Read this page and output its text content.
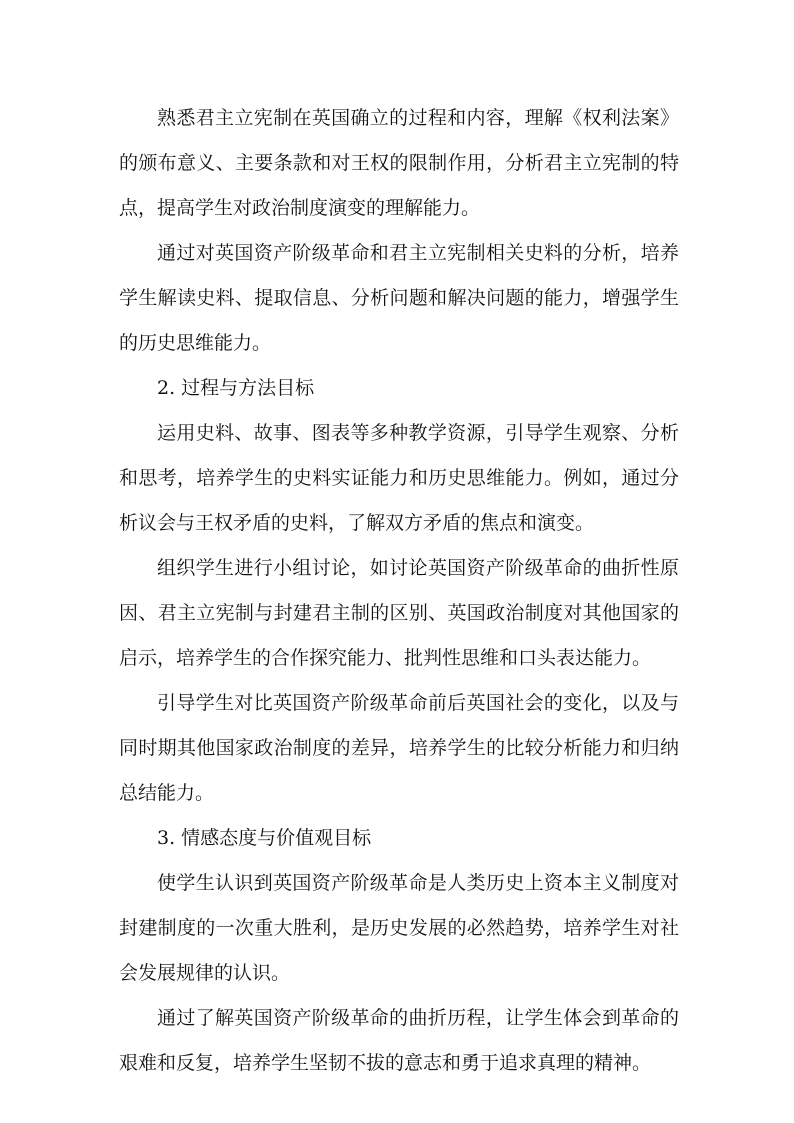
熟悉君主立宪制在英国确立的过程和内容，理解《权利法案》的颁布意义、主要条款和对王权的限制作用，分析君主立宪制的特点，提高学生对政治制度演变的理解能力。

通过对英国资产阶级革命和君主立宪制相关史料的分析，培养学生解读史料、提取信息、分析问题和解决问题的能力，增强学生的历史思维能力。

2. 过程与方法目标

运用史料、故事、图表等多种教学资源，引导学生观察、分析和思考，培养学生的史料实证能力和历史思维能力。例如，通过分析议会与王权矛盾的史料，了解双方矛盾的焦点和演变。

组织学生进行小组讨论，如讨论英国资产阶级革命的曲折性原因、君主立宪制与封建君主制的区别、英国政治制度对其他国家的启示，培养学生的合作探究能力、批判性思维和口头表达能力。

引导学生对比英国资产阶级革命前后英国社会的变化，以及与同时期其他国家政治制度的差异，培养学生的比较分析能力和归纳总结能力。

3. 情感态度与价值观目标

使学生认识到英国资产阶级革命是人类历史上资本主义制度对封建制度的一次重大胜利，是历史发展的必然趋势，培养学生对社会发展规律的认识。

通过了解英国资产阶级革命的曲折历程，让学生体会到革命的艰难和反复，培养学生坚韧不拔的意志和勇于追求真理的精神。
